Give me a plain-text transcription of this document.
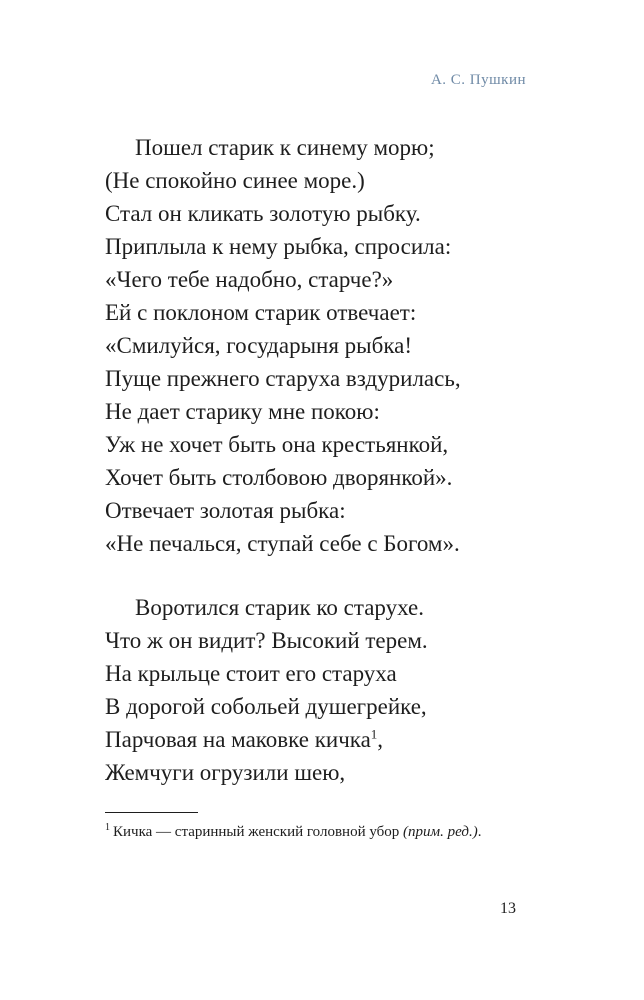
А. С. Пушкин
Пошел старик к синему морю;
(Не спокойно синее море.)
Стал он кликать золотую рыбку.
Приплыла к нему рыбка, спросила:
«Чего тебе надобно, старче?»
Ей с поклоном старик отвечает:
«Смилуйся, государыня рыбка!
Пуще прежнего старуха вздурилась,
Не дает старику мне покою:
Уж не хочет быть она крестьянкой,
Хочет быть столбовою дворянкой».
Отвечает золотая рыбка:
«Не печалься, ступай себе с Богом».
Воротился старик ко старухе.
Что ж он видит? Высокий терем.
На крыльце стоит его старуха
В дорогой собольей душегрейке,
Парчовая на маковке кичка$^1$,
Жемчуги огрузили шею,
$^1$ Кичка — старинный женский головной убор (прим. ред.).
13
